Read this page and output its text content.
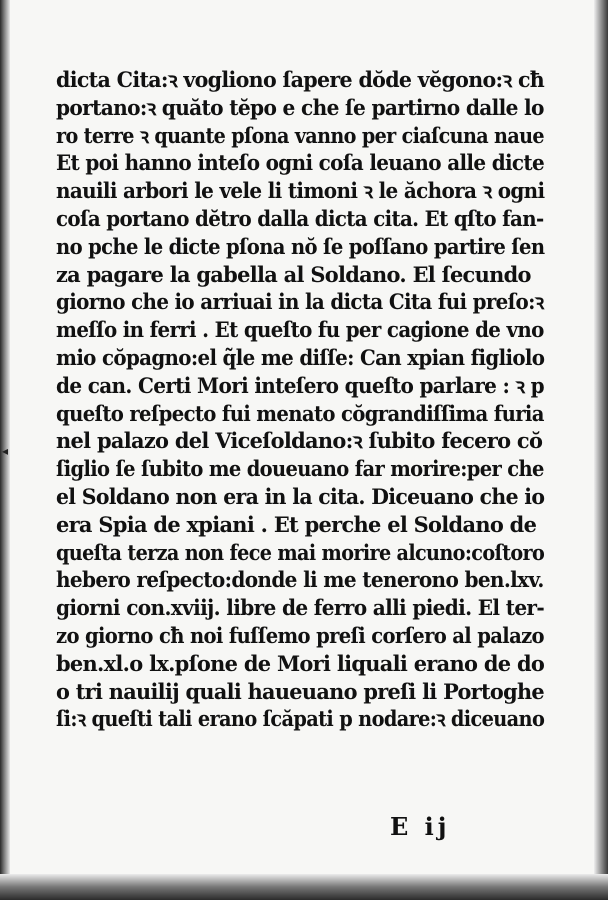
◂
dicta Cita:ꝛ vogliono ſapere dŏde vĕgono:ꝛ cħ
portano:ꝛ quăto tĕpo e che ſe partirno dalle lo
ro terre ꝛ quante pſona vanno per ciaſcuna naue
Et poi hanno inteſo ogni coſa leuano alle dicte
nauili arbori le vele li timoni ꝛ le ăchora ꝛ ogni
coſa portano dĕtro dalla dicta cita. Et qſto fan-
no pche le dicte pſona nŏ ſe poſſano partire ſen
za pagare la gabella al Soldano. El ſecundo
giorno che io arriuai in la dicta Cita fui preſo:ꝛ
meſſo in ferri . Et queſto fu per cagione de vno
mio cŏpagno:el q̃le me diſſe: Can xpian figliolo
de can. Certi Mori inteſero queſto parlare : ꝛ p
queſto reſpecto fui menato cŏgrandiſſima furia
nel palazo del Viceſoldano:ꝛ ſubito fecero cŏ
ſiglio ſe ſubito me doueuano far morire:per che
el Soldano non era in la cita. Diceuano che io
era Spia de xpiani . Et perche el Soldano de
queſta terza non fece mai morire alcuno:coſtoro
hebero reſpecto:donde li me tenerono ben.lxv.
giorni con.xviij. libre de ferro alli piedi. El ter-
zo giorno cħ noi fuſſemo preſi corſero al palazo
ben.xl.o lx.pſone de Mori liquali erano de do
o tri nauilij quali haueuano preſi li Portoghe
ſi:ꝛ queſti tali erano ſcăpati p nodare:ꝛ diceuano
E ij
